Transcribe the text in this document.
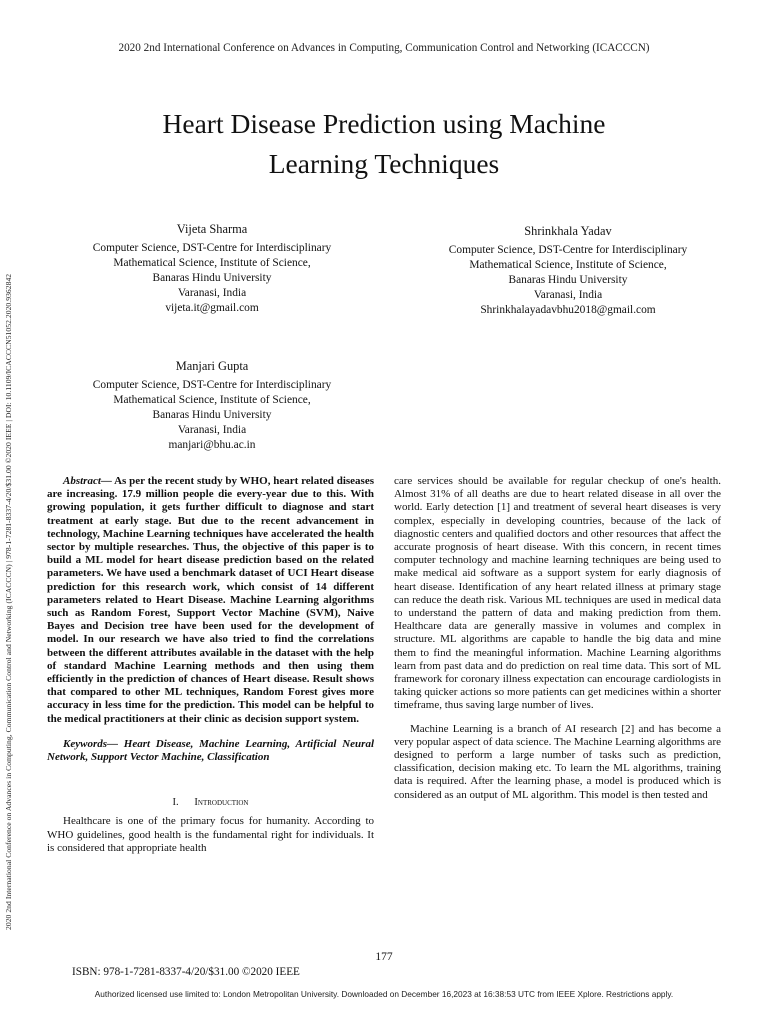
2020 2nd International Conference on Advances in Computing, Communication Control and Networking (ICACCCN)
2020 2nd International Conference on Advances in Computing, Communication Control and Networking (ICACCCN) | 978-1-7281-8337-4/20/$31.00 ©2020 IEEE | DOI: 10.1109/ICACCCN51052.2020.9362842
Heart Disease Prediction using Machine
Learning Techniques
Vijeta Sharma
Computer Science, DST-Centre for Interdisciplinary
Mathematical Science, Institute of Science,
Banaras Hindu University
Varanasi, India
vijeta.it@gmail.com
Shrinkhala Yadav
Computer Science, DST-Centre for Interdisciplinary
Mathematical Science, Institute of Science,
Banaras Hindu University
Varanasi, India
Shrinkhalayadavbhu2018@gmail.com
Manjari Gupta
Computer Science, DST-Centre for Interdisciplinary
Mathematical Science, Institute of Science,
Banaras Hindu University
Varanasi, India
manjari@bhu.ac.in

Abstract— As per the recent study by WHO, heart related diseases are increasing. 17.9 million people die every-year due to this. With growing population, it gets further difficult to diagnose and start treatment at early stage. But due to the recent advancement in technology, Machine Learning techniques have accelerated the health sector by multiple researches. Thus, the objective of this paper is to build a ML model for heart disease prediction based on the related parameters. We have used a benchmark dataset of UCI Heart disease prediction for this research work, which consist of 14 different parameters related to Heart Disease. Machine Learning algorithms such as Random Forest, Support Vector Machine (SVM), Naive Bayes and Decision tree have been used for the development of model. In our research we have also tried to find the correlations between the different attributes available in the dataset with the help of standard Machine Learning methods and then using them efficiently in the prediction of chances of Heart disease. Result shows that compared to other ML techniques, Random Forest gives more accuracy in less time for the prediction. This model can be helpful to the medical practitioners at their clinic as decision support system.

Keywords— Heart Disease, Machine Learning, Artificial Neural Network, Support Vector Machine, Classification

I. Introduction

Healthcare is one of the primary focus for humanity. According to WHO guidelines, good health is the fundamental right for individuals. It is considered that appropriate health

care services should be available for regular checkup of one's health. Almost 31% of all deaths are due to heart related disease in all over the world. Early detection [1] and treatment of several heart diseases is very complex, especially in developing countries, because of the lack of diagnostic centers and qualified doctors and other resources that affect the accurate prognosis of heart disease. With this concern, in recent times computer technology and machine learning techniques are being used to make medical aid software as a support system for early diagnosis of heart disease. Identification of any heart related illness at primary stage can reduce the death risk. Various ML techniques are used in medical data to understand the pattern of data and making prediction from them. Healthcare data are generally massive in volumes and complex in structure. ML algorithms are capable to handle the big data and mine them to find the meaningful information. Machine Learning algorithms learn from past data and do prediction on real time data. This sort of ML framework for coronary illness expectation can encourage cardiologists in taking quicker actions so more patients can get medicines within a shorter timeframe, thus saving large number of lives.

Machine Learning is a branch of AI research [2] and has become a very popular aspect of data science. The Machine Learning algorithms are designed to perform a large number of tasks such as prediction, classification, decision making etc. To learn the ML algorithms, training data is required. After the learning phase, a model is produced which is considered as an output of ML algorithm. This model is then tested and

177
ISBN: 978-1-7281-8337-4/20/$31.00 ©2020 IEEE
Authorized licensed use limited to: London Metropolitan University. Downloaded on December 16,2023 at 16:38:53 UTC from IEEE Xplore. Restrictions apply.
